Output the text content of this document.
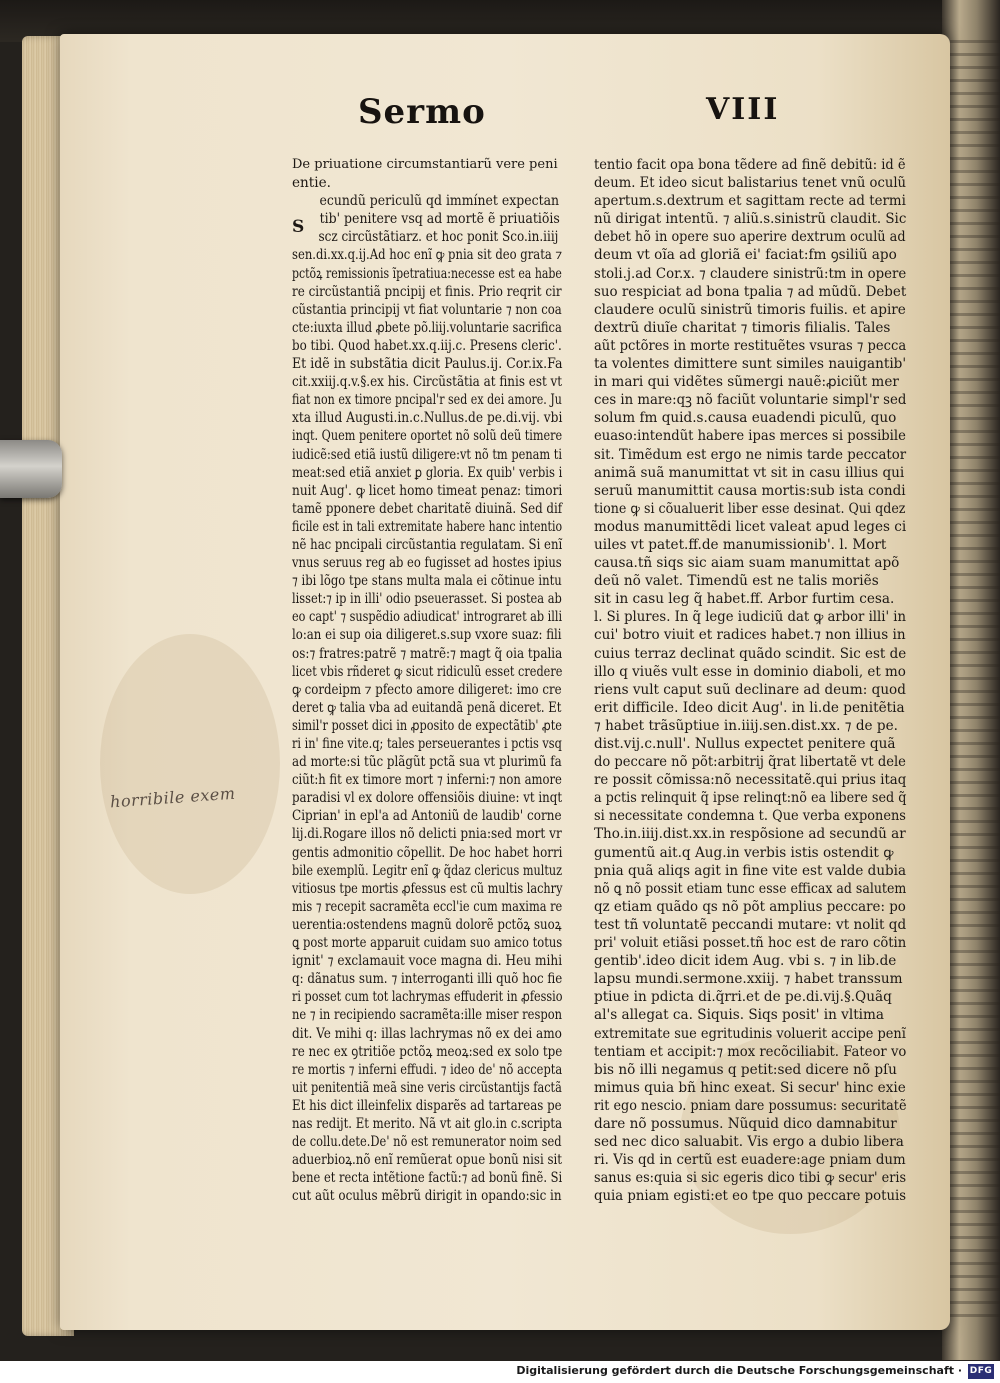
Sermo	VIII
S
De priuatione circumstantiarũ vere peni
entie.
ecundũ periculũ qd immínet expectan
tib' penitere vsq ad mortẽ ẽ priuatiõis
scz circũstãtiarz. et hoc ponit Sco.in.iiij
sen.di.xx.q.ij.Ad hoc enĩ ꝙ pnia sit deo grata ⁊
pctõꝝ remissionis ĩpetratiua:necesse est ea habe
re circũstantiã pncipij et finis. Prio reqrit cir
cũstantia principij vt fiat voluntarie ⁊ non coa
cte:iuxta illud ꝓbete põ.liij.voluntarie sacrifica
bo tibi. Quod habet.xx.q.iij.c. Presens cleric'.
Et idẽ in substãtia dicit Paulus.ij. Cor.ix.Fa
cit.xxiij.q.v.§.ex his. Circũstãtia at finis est vt
fiat non ex timore pncipal'r sed ex dei amore. Ju
xta illud Augusti.in.c.Nullus.de pe.di.vij. vbi
inqt. Quem penitere oportet nõ solũ deũ timere
iudicẽ:sed etiã iustũ diligere:vt nõ tm penam ti
meat:sed etiã anxiet ꝑ gloria. Ex quib' verbis i
nuit Aug'. ꝙ licet homo timeat penaz: timori
tamẽ pponere debet charitatẽ diuinã. Sed dif
ficile est in tali extremitate habere hanc intentio
nẽ hac pncipali circũstantia regulatam. Si enĩ
vnus seruus reg ab eo fugisset ad hostes ipius
⁊ ibi lõgo tpe stans multa mala ei cõtinue intu
lisset:⁊ ip in illi' odio pseuerasset. Si postea ab
eo capt' ⁊ suspẽdio adiudicat' intrograret ab illi
lo:an ei sup oia diligeret.s.sup vxore suaz: fili
os:⁊ fratres:patrẽ ⁊ matrẽ:⁊ magt q̃ oia tpalia
licet vbis rñderet ꝙ sicut ridiculũ esset credere
ꝙ cordeipm ⁊ pfecto amore diligeret: imo cre
deret ꝙ talia vba ad euitandã penã diceret. Et
simil'r posset dici in ꝓposito de expectãtib' ꝓte
ri in' fine vite.q; tales perseuerantes i pctis vsq
ad morte:si tũc plãgũt pctã sua vt plurimũ fa
ciũt:h fit ex timore mort ⁊ inferni:⁊ non amore
paradisi vl ex dolore offensiõis diuine: vt inqt
Ciprian' in epl'a ad Antoniũ de laudib' corne
lij.di.Rogare illos nõ delicti pnia:sed mort vr
gentis admonitio cõpellit. De hoc habet horri
bile exemplũ. Legitr enĩ ꝙ q̃daz clericus multuz
vitiosus tpe mortis ꝓfessus est cũ multis lachry
mis ⁊ recepit sacramẽta eccl'ie cum maxima re
uerentia:ostendens magnũ dolorẽ pctõꝝ suoꝝ
ꝗ post morte apparuit cuidam suo amico totus
ignit' ⁊ exclamauit voce magna di. Heu mihi
q: dãnatus sum. ⁊ interroganti illi quõ hoc fie
ri posset cum tot lachrymas effuderit in ꝓfessio
ne ⁊ in recipiendo sacramẽta:ille miser respon
dit. Ve mihi q: illas lachrymas nõ ex dei amo
re nec ex ꝯtritiõe pctõꝝ meoꝝ:sed ex solo tpe
re mortis ⁊ inferni effudi. ⁊ ideo de' nõ accepta
uit penitentiã meã sine veris circũstantijs factã
Et his dict illeinfelix disparẽs ad tartareas pe
nas redijt. Et merito. Nã vt ait glo.in c.scripta
de collu.dete.De' nõ est remunerator noim sed
aduerbioꝝ.nõ enĩ remũerat opue bonũ nisi sit
bene et recta intẽtione factũ:⁊ ad bonũ finẽ. Si
cut aũt oculus mẽbrũ dirigit in opando:sic in
tentio facit opa bona tẽdere ad finẽ debitũ: id ẽ
deum. Et ideo sicut balistarius tenet vnũ oculũ
apertum.s.dextrum et sagittam recte ad termi
nũ dirigat intentũ. ⁊ aliũ.s.sinistrũ claudit. Sic
debet hõ in opere suo aperire dextrum oculũ ad
deum vt oĩa ad gloriã ei' faciat:fm ꝯsiliũ apo
stoli.j.ad Cor.x. ⁊ claudere sinistrũ:tm in opere
suo respiciat ad bona tpalia ⁊ ad mũdũ. Debet
claudere oculũ sinistrũ timoris fuilis. et apire
dextrũ diuĩe charitat ⁊ timoris filialis. Tales
aũt pctõres in morte restituẽtes vsuras ⁊ pecca
ta volentes dimittere sunt similes nauigantib'
in mari qui vidẽtes sũmergi nauẽ:ꝓiciũt mer
ces in mare:qꝫ nõ faciũt voluntarie simpl'r sed
solum fm quid.s.causa euadendi piculũ, quo
euaso:intendũt habere ipas merces si possibile
sit. Timẽdum est ergo ne nimis tarde peccator
animã suã manumittat vt sit in casu illius qui
seruũ manumittit causa mortis:sub ista condi
tione ꝙ si cõualuerit liber esse desinat. Qui qdez
modus manumittẽdi licet valeat apud leges ci
uiles vt patet.ff.de manumissionib'. l. Mort
causa.tñ siqs sic aiam suam manumittat apõ
deũ nõ valet. Timendũ est ne talis moriẽs
sit in casu leg q̃ habet.ff. Arbor furtim cesa.
l. Si plures. In q̃ lege iudiciũ dat ꝙ arbor illi' in
cui' botro viuit et radices habet.⁊ non illius in
cuius terraz declinat quãdo scindit. Sic est de
illo q viuẽs vult esse in dominio diaboli, et mo
riens vult caput suũ declinare ad deum: quod
erit difficile. Ideo dicit Aug'. in li.de penitẽtia
⁊ habet trãsũptiue in.iiij.sen.dist.xx. ⁊ de pe.
dist.vij.c.null'. Nullus expectet penitere quã
do peccare nõ põt:arbitrij q̃rat libertatẽ vt dele
re possit cõmissa:nõ necessitatẽ.qui prius itaq
a pctis relinquit q̃ ipse relinqt:nõ ea libere sed q̃
si necessitate condemna t. Que verba exponens
Tho.in.iiij.dist.xx.in respõsione ad secundũ ar
gumentũ ait.q Aug.in verbis istis ostendit ꝙ
pnia quã aliqs agit in fine vite est valde dubia
nõ ꝗ nõ possit etiam tunc esse efficax ad salutem
qz etiam quãdo qs nõ põt amplius peccare: po
test tñ voluntatẽ peccandi mutare: vt nolit qd
pri' voluit etiãsi posset.tñ hoc est de raro cõtin
gentib'.ideo dicit idem Aug. vbi s. ⁊ in lib.de
lapsu mundi.sermone.xxiij. ⁊ habet transsum
ptiue in pdicta di.q̃rri.et de pe.di.vij.§.Quãq
al's allegat ca. Siquis. Siqs posit' in vltima
extremitate sue egritudinis voluerit accipe penĩ
tentiam et accipit:⁊ mox recõciliabit. Fateor vo
bis nõ illi negamus q petit:sed dicere nõ pſu
mimus quia bñ hinc exeat. Si secur' hinc exie
rit ego nescio. pniam dare possumus: securitatẽ
dare nõ possumus. Nũquid dico damnabitur
sed nec dico saluabit. Vis ergo a dubio libera
ri. Vis qd in certũ est euadere:age pniam dum
sanus es:quia si sic egeris dico tibi ꝙ secur' eris
quia pniam egisti:et eo tpe quo peccare potuis
horribile exem
Digitalisierung gefördert durch die Deutsche Forschungsgemeinschaft · DFG
